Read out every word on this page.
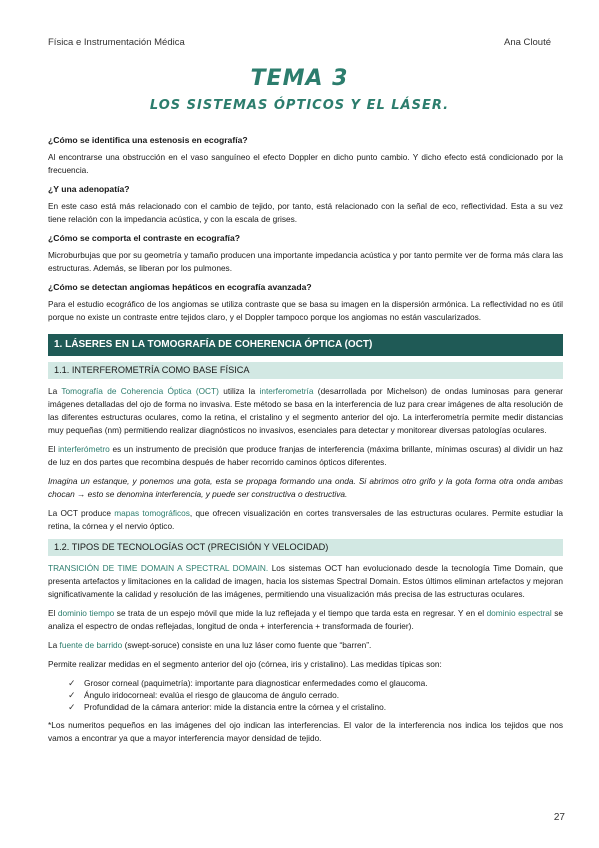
Física e Instrumentación Médica	Ana Clouté
TEMA 3
LOS SISTEMAS ÓPTICOS Y EL LÁSER.
¿Cómo se identifica una estenosis en ecografía?
Al encontrarse una obstrucción en el vaso sanguíneo el efecto Doppler en dicho punto cambio. Y dicho efecto está condicionado por la frecuencia.
¿Y una adenopatía?
En este caso está más relacionado con el cambio de tejido, por tanto, está relacionado con la señal de eco, reflectividad. Esta a su vez tiene relación con la impedancia acústica, y con la escala de grises.
¿Cómo se comporta el contraste en ecografía?
Microburbujas que por su geometría y tamaño producen una importante impedancia acústica y por tanto permite ver de forma más clara las estructuras. Además, se liberan por los pulmones.
¿Cómo se detectan angiomas hepáticos en ecografía avanzada?
Para el estudio ecográfico de los angiomas se utiliza contraste que se basa su imagen en la dispersión armónica. La reflectividad no es útil porque no existe un contraste entre tejidos claro, y el Doppler tampoco porque los angiomas no están vascularizados.
1. LÁSERES EN LA TOMOGRAFÍA DE COHERENCIA ÓPTICA (OCT)
1.1. INTERFEROMETRÍA COMO BASE FÍSICA
La Tomografía de Coherencia Óptica (OCT) utiliza la interferometría (desarrollada por Michelson) de ondas luminosas para generar imágenes detalladas del ojo de forma no invasiva. Este método se basa en la interferencia de luz para crear imágenes de alta resolución de las diferentes estructuras oculares, como la retina, el cristalino y el segmento anterior del ojo. La interferometría permite medir distancias muy pequeñas (nm) permitiendo realizar diagnósticos no invasivos, esenciales para detectar y monitorear diversas patologías oculares.
El interferómetro es un instrumento de precisión que produce franjas de interferencia (máxima brillante, mínimas oscuras) al dividir un haz de luz en dos partes que recombina después de haber recorrido caminos ópticos diferentes.
Imagina un estanque, y ponemos una gota, esta se propaga formando una onda. Si abrimos otro grifo y la gota forma otra onda ambas chocan → esto se denomina interferencia, y puede ser constructiva o destructiva.
La OCT produce mapas tomográficos, que ofrecen visualización en cortes transversales de las estructuras oculares. Permite estudiar la retina, la córnea y el nervio óptico.
1.2. TIPOS DE TECNOLOGÍAS OCT (PRECISIÓN Y VELOCIDAD)
TRANSICIÓN DE TIME DOMAIN A SPECTRAL DOMAIN. Los sistemas OCT han evolucionado desde la tecnología Time Domain, que presenta artefactos y limitaciones en la calidad de imagen, hacia los sistemas Spectral Domain. Estos últimos eliminan artefactos y mejoran significativamente la calidad y resolución de las imágenes, permitiendo una visualización más precisa de las estructuras oculares.
El dominio tiempo se trata de un espejo móvil que mide la luz reflejada y el tiempo que tarda esta en regresar. Y en el dominio espectral se analiza el espectro de ondas reflejadas, longitud de onda + interferencia + transformada de fourier).
La fuente de barrido (swept-soruce) consiste en una luz láser como fuente que “barren”.
Permite realizar medidas en el segmento anterior del ojo (córnea, iris y cristalino). Las medidas típicas son:
✓ Grosor corneal (paquimetría): importante para diagnosticar enfermedades como el glaucoma.
✓ Ángulo iridocorneal: evalúa el riesgo de glaucoma de ángulo cerrado.
✓ Profundidad de la cámara anterior: mide la distancia entre la córnea y el cristalino.
*Los numeritos pequeños en las imágenes del ojo indican las interferencias. El valor de la interferencia nos indica los tejidos que nos vamos a encontrar ya que a mayor interferencia mayor densidad de tejido.
27
